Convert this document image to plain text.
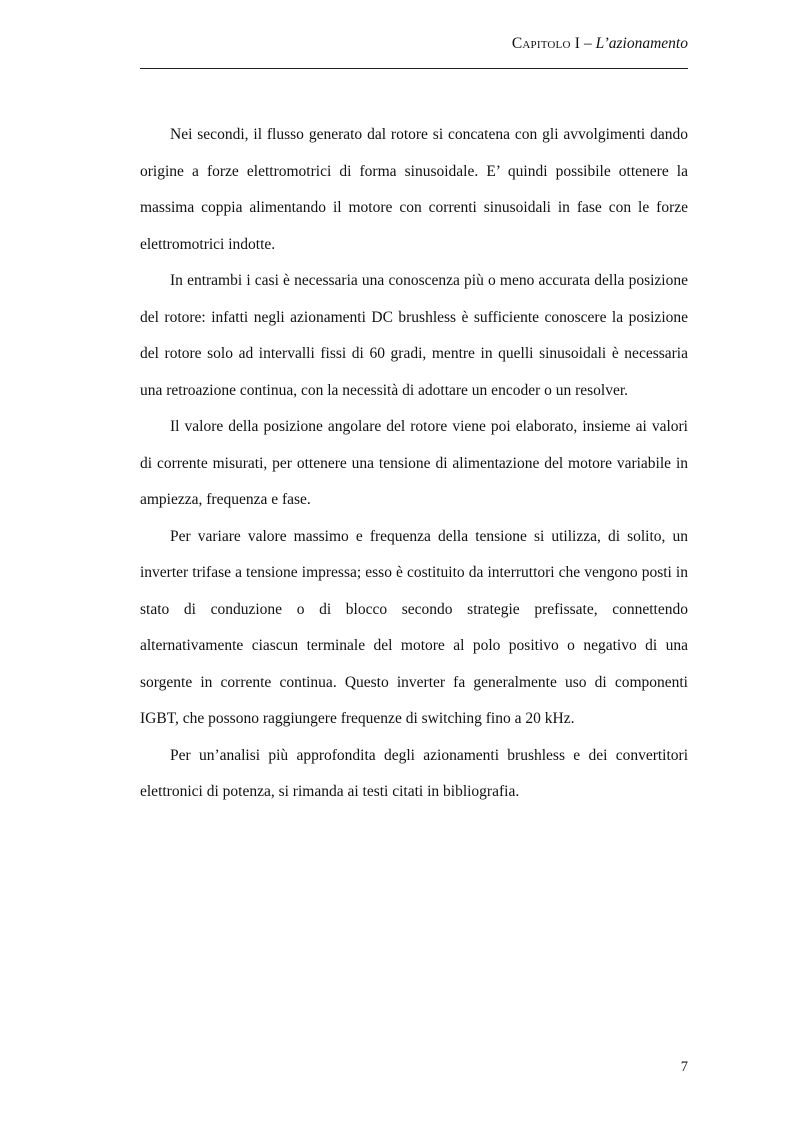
Capitolo I – L’azionamento

Nei secondi, il flusso generato dal rotore si concatena con gli avvolgimenti dando origine a forze elettromotrici di forma sinusoidale. E’ quindi possibile ottenere la massima coppia alimentando il motore con correnti sinusoidali in fase con le forze elettromotrici indotte.

In entrambi i casi è necessaria una conoscenza più o meno accurata della posizione del rotore: infatti negli azionamenti DC brushless è sufficiente conoscere la posizione del rotore solo ad intervalli fissi di 60 gradi, mentre in quelli sinusoidali è necessaria una retroazione continua, con la necessità di adottare un encoder o un resolver.

Il valore della posizione angolare del rotore viene poi elaborato, insieme ai valori di corrente misurati, per ottenere una tensione di alimentazione del motore variabile in ampiezza, frequenza e fase.

Per variare valore massimo e frequenza della tensione si utilizza, di solito, un inverter trifase a tensione impressa; esso è costituito da interruttori che vengono posti in stato di conduzione o di blocco secondo strategie prefissate, connettendo alternativamente ciascun terminale del motore al polo positivo o negativo di una sorgente in corrente continua. Questo inverter fa generalmente uso di componenti IGBT, che possono raggiungere frequenze di switching fino a 20 kHz.

Per un’analisi più approfondita degli azionamenti brushless e dei convertitori elettronici di potenza, si rimanda ai testi citati in bibliografia.

7
